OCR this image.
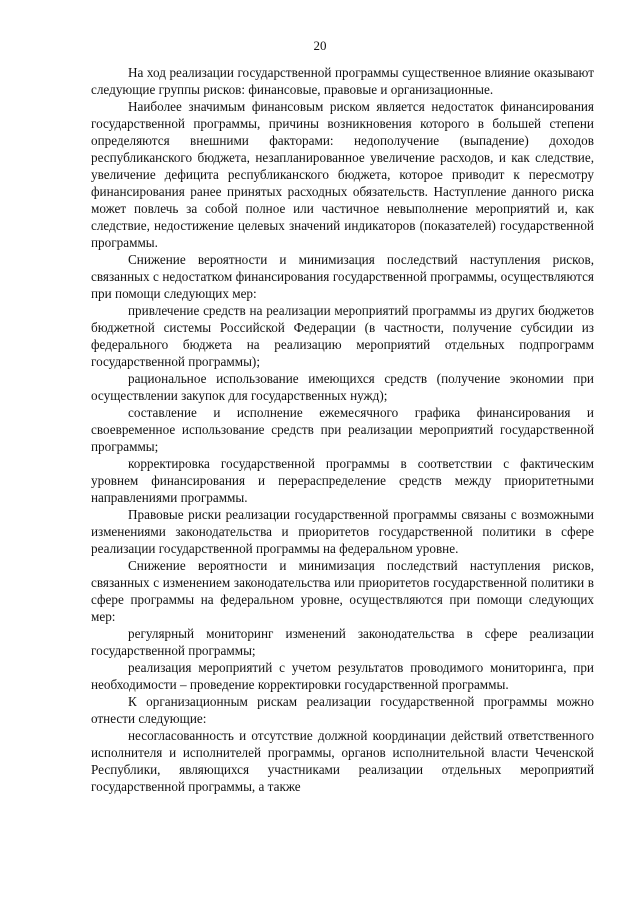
20

На ход реализации государственной программы существенное влияние оказывают следующие группы рисков: финансовые, правовые и организационные.

Наиболее значимым финансовым риском является недостаток финансирования государственной программы, причины возникновения которого в большей степени определяются внешними факторами: недополучение (выпадение) доходов республиканского бюджета, незапланированное увеличение расходов, и как следствие, увеличение дефицита республиканского бюджета, которое приводит к пересмотру финансирования ранее принятых расходных обязательств. Наступление данного риска может повлечь за собой полное или частичное невыполнение мероприятий и, как следствие, недостижение целевых значений индикаторов (показателей) государственной программы.

Снижение вероятности и минимизация последствий наступления рисков, связанных с недостатком финансирования государственной программы, осуществляются при помощи следующих мер:

привлечение средств на реализации мероприятий программы из других бюджетов бюджетной системы Российской Федерации (в частности, получение субсидии из федерального бюджета на реализацию мероприятий отдельных подпрограмм государственной программы);

рациональное использование имеющихся средств (получение экономии при осуществлении закупок для государственных нужд);

составление и исполнение ежемесячного графика финансирования и своевременное использование средств при реализации мероприятий государственной программы;

корректировка государственной программы в соответствии с фактическим уровнем финансирования и перераспределение средств между приоритетными направлениями программы.

Правовые риски реализации государственной программы связаны с возможными изменениями законодательства и приоритетов государственной политики в сфере реализации государственной программы на федеральном уровне.

Снижение вероятности и минимизация последствий наступления рисков, связанных с изменением законодательства или приоритетов государственной политики в сфере программы на федеральном уровне, осуществляются при помощи следующих мер:

регулярный мониторинг изменений законодательства в сфере реализации государственной программы;

реализация мероприятий с учетом результатов проводимого мониторинга, при необходимости – проведение корректировки государственной программы.

К организационным рискам реализации государственной программы можно отнести следующие:

несогласованность и отсутствие должной координации действий ответственного исполнителя и исполнителей программы, органов исполнительной власти Чеченской Республики, являющихся участниками реализации отдельных мероприятий государственной программы, а также
